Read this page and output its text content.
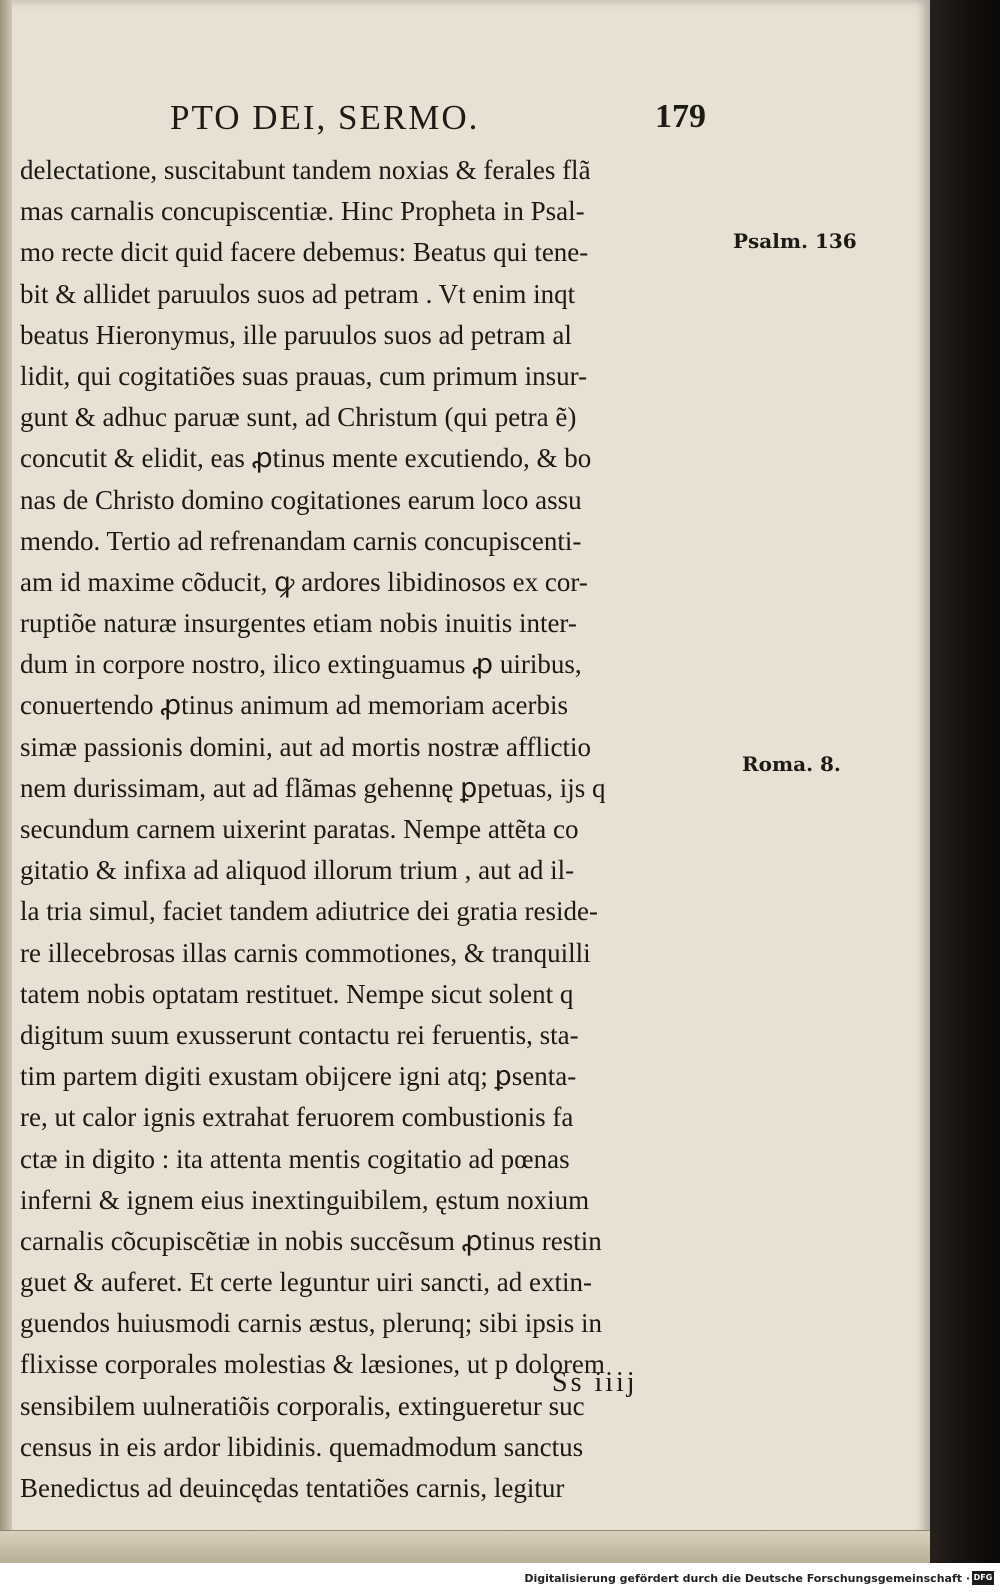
PTO DEI, SERMO.	179
delectatione, suscitabunt tandem noxias & ferales flã
mas carnalis concupiscentiæ. Hinc Propheta in Psal-
mo recte dicit quid facere debemus: Beatus qui tene-
bit & allidet paruulos suos ad petram . Vt enim inqt
beatus Hieronymus, ille paruulos suos ad petram al
lidit, qui cogitatiões suas prauas, cum primum insur-
gunt & adhuc paruæ sunt, ad Christum (qui petra ẽ)
concutit & elidit, eas ꝓtinus mente excutiendo, & bo
nas de Christo domino cogitationes earum loco assu
mendo. Tertio ad refrenandam carnis concupiscenti-
am id maxime cõducit, ꝙ ardores libidinosos ex cor-
ruptiõe naturæ insurgentes etiam nobis inuitis inter-
dum in corpore nostro, ilico extinguamus ꝓ uiribus,
conuertendo ꝓtinus animum ad memoriam acerbis
simæ passionis domini, aut ad mortis nostræ afflictio
nem durissimam, aut ad flãmas gehennę ꝑpetuas, ijs q
secundum carnem uixerint paratas. Nempe attẽta co
gitatio & infixa ad aliquod illorum trium , aut ad il-
la tria simul, faciet tandem adiutrice dei gratia reside-
re illecebrosas illas carnis commotiones, & tranquilli
tatem nobis optatam restituet. Nempe sicut solent q
digitum suum exusserunt contactu rei feruentis, sta-
tim partem digiti exustam obijcere igni atq; ꝑsenta-
re, ut calor ignis extrahat feruorem combustionis fa
ctæ in digito : ita attenta mentis cogitatio ad pœnas
inferni & ignem eius inextinguibilem, ęstum noxium
carnalis cõcupiscẽtiæ in nobis succẽsum ꝓtinus restin
guet & auferet. Et certe leguntur uiri sancti, ad extin-
guendos huiusmodi carnis æstus, plerunq; sibi ipsis in
flixisse corporales molestias & læsiones, ut p dolorem
sensibilem uulneratiõis corporalis, extingueretur suc
census in eis ardor libidinis. quemadmodum sanctus
Benedictus ad deuincędas tentatiões carnis, legitur
Psalm. 136
Roma. 8.
Ss iiij
Digitalisierung gefördert durch die Deutsche Forschungsgemeinschaft · DFG
